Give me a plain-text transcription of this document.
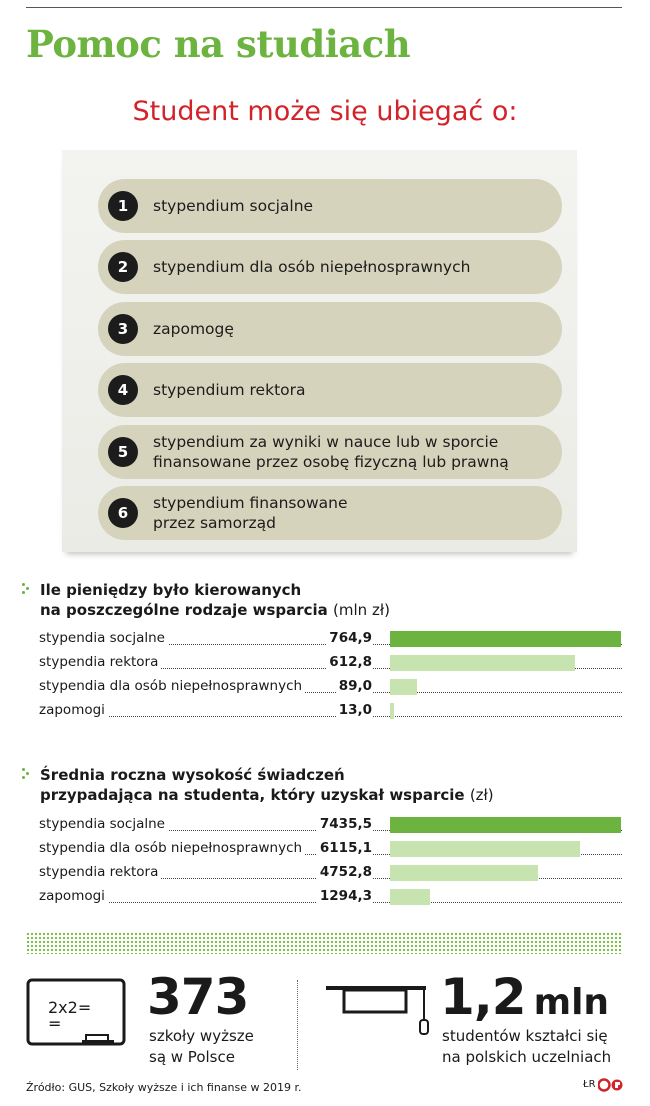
Pomoc na studiach
Student może się ubiegać o:
1	stypendium socjalne
2	stypendium dla osób niepełnosprawnych
3	zapomogę
4	stypendium rektora
5
stypendium za wyniki w nauce lub w sporcie
finansowane przez osobę fizyczną lub prawną
6
stypendium finansowane
przez samorząd
Ile pieniędzy było kierowanych
na poszczególne rodzaje wsparcia (mln zł)
stypendia socjalne	764,9
stypendia rektora	612,8
stypendia dla osób niepełnosprawnych	89,0
zapomogi	13,0
Średnia roczna wysokość świadczeń
przypadająca na studenta, który uzyskał wsparcie (zł)
stypendia socjalne	7435,5
stypendia dla osób niepełnosprawnych 6115,1
stypendia rektora	4752,8
zapomogi	1294,3
2x2=
=	373
szkoły wyższe
są w Polsce
1,2 mln
studentów kształci się
na polskich uczelniach
Źródło: GUS, Szkoły wyższe i ich finanse w 2019 r.	ŁR
